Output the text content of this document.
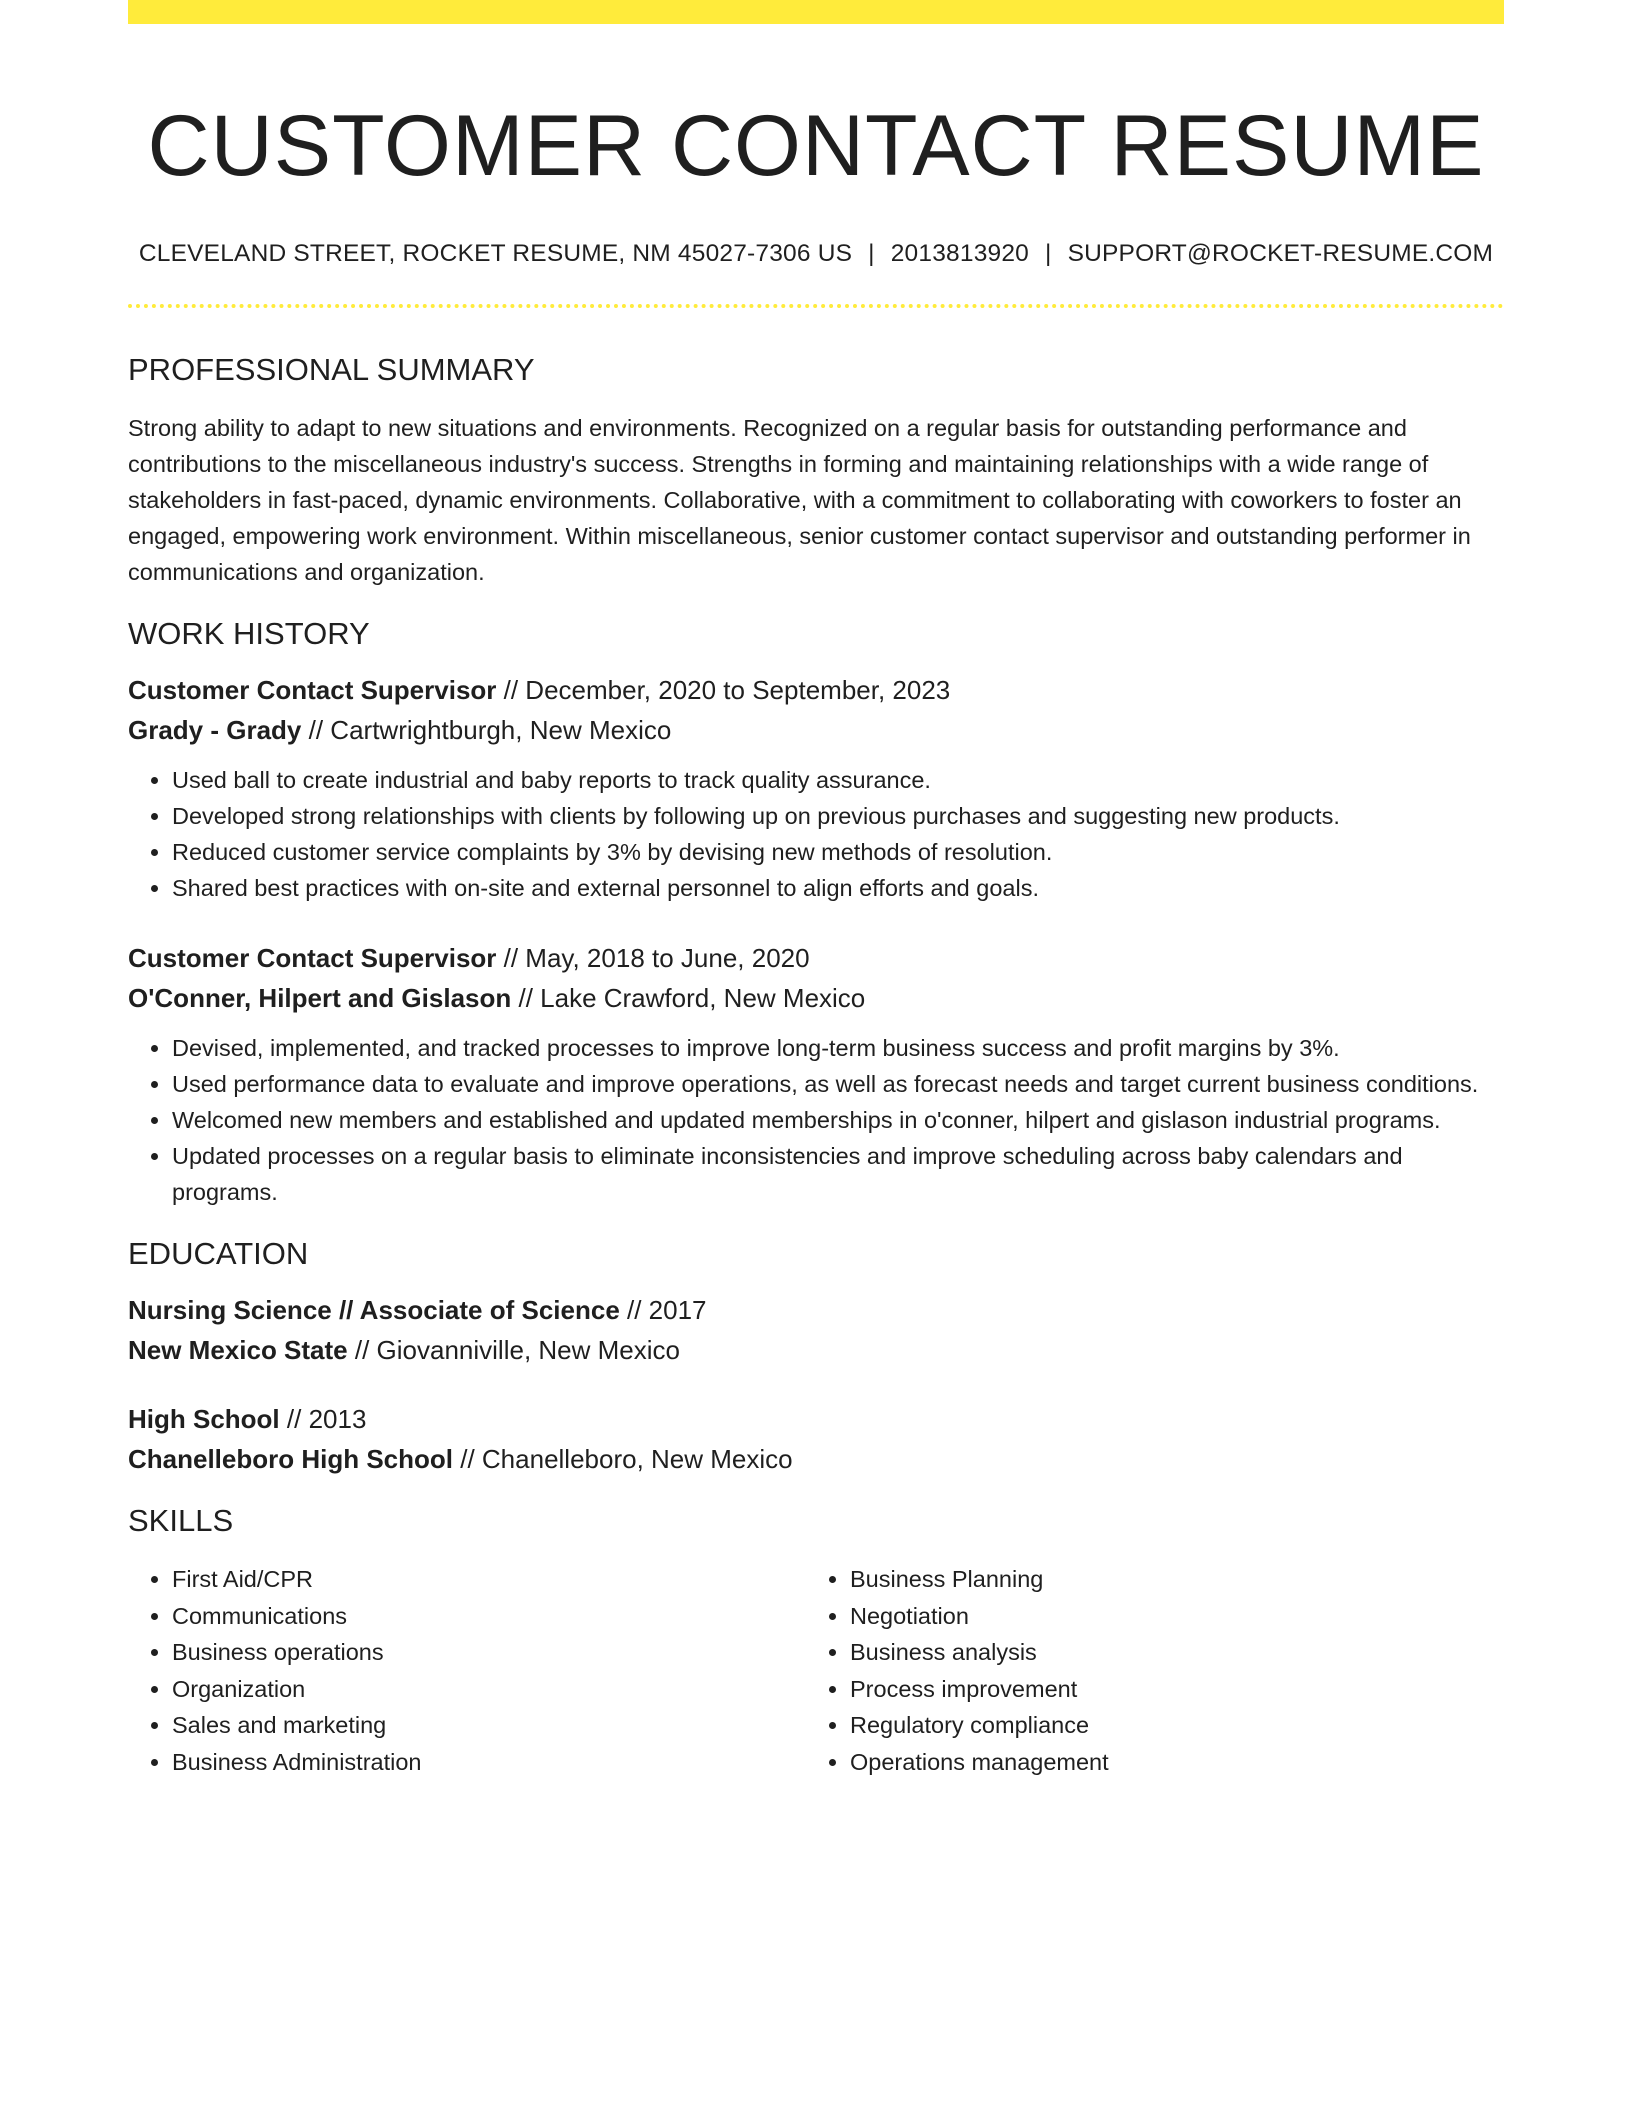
CUSTOMER CONTACT RESUME
CLEVELAND STREET, ROCKET RESUME, NM 45027-7306 US | 2013813920 | SUPPORT@ROCKET-RESUME.COM
PROFESSIONAL SUMMARY

Strong ability to adapt to new situations and environments. Recognized on a regular basis for outstanding performance and contributions to the miscellaneous industry's success. Strengths in forming and maintaining relationships with a wide range of stakeholders in fast-paced, dynamic environments. Collaborative, with a commitment to collaborating with coworkers to foster an engaged, empowering work environment. Within miscellaneous, senior customer contact supervisor and outstanding performer in communications and organization.

WORK HISTORY
Customer Contact Supervisor // December, 2020 to September, 2023
Grady - Grady // Cartwrightburgh, New Mexico
• Used ball to create industrial and baby reports to track quality assurance.
• Developed strong relationships with clients by following up on previous purchases and suggesting new products.
• Reduced customer service complaints by 3% by devising new methods of resolution.
• Shared best practices with on-site and external personnel to align efforts and goals.
Customer Contact Supervisor // May, 2018 to June, 2020
O'Conner, Hilpert and Gislason // Lake Crawford, New Mexico
• Devised, implemented, and tracked processes to improve long-term business success and profit margins by 3%.
• Used performance data to evaluate and improve operations, as well as forecast needs and target current business conditions.
• Welcomed new members and established and updated memberships in o'conner, hilpert and gislason industrial programs.
• Updated processes on a regular basis to eliminate inconsistencies and improve scheduling across baby calendars and programs.
EDUCATION
Nursing Science // Associate of Science // 2017
New Mexico State // Giovanniville, New Mexico
High School // 2013
Chanelleboro High School // Chanelleboro, New Mexico
SKILLS
• First Aid/CPR
• Communications
• Business operations
• Organization
• Sales and marketing
• Business Administration
• Business Planning
• Negotiation
• Business analysis
• Process improvement
• Regulatory compliance
• Operations management
